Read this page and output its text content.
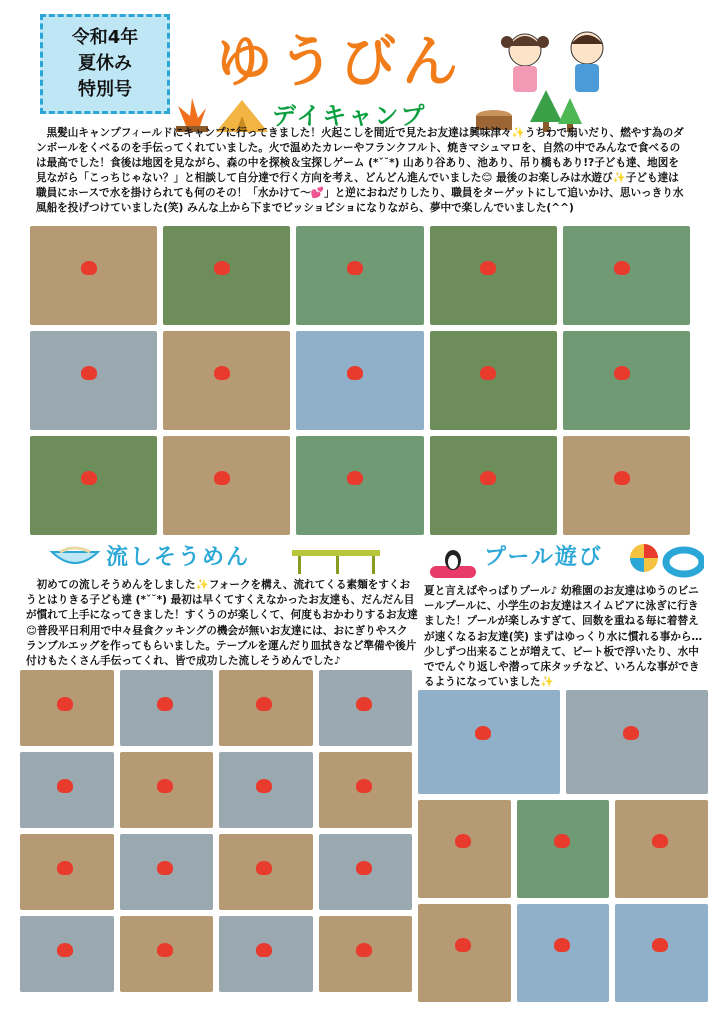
令和4年
夏休み
特別号 ゆうびん
デイキャンプ
　黒髪山キャンプフィールドにキャンプに行ってきました！火起こしを間近で見たお友達は興味津々✨うちわで扇いだり、燃やす為のダンボールをくべるのを手伝ってくれていました。火で温めたカレーやフランクフルト、焼きマシュマロを、自然の中でみんなで食べるのは最高でした！食後は地図を見ながら、森の中を探検＆宝探しゲーム (*ˇ˘*) 山あり谷あり、池あり、吊り橋もあり!?子ども達、地図を見ながら「こっちじゃない？」と相談して自分達で行く方向を考え、どんどん進んでいました😊 最後のお楽しみは水遊び✨子ども達は職員にホースで水を掛けられても何のその！「水かけて～💕」と逆におねだりしたり、職員をターゲットにして追いかけ、思いっきり水風船を投げつけていました(笑) みんな上から下までビッショビショになりながら、夢中で楽しんでいました(^^)
流しそうめん
　初めての流しそうめんをしました✨フォークを構え、流れてくる素麺をすくおうとはりきる子ども達 (*ˇ˘*) 最初は早くてすくえなかったお友達も、だんだん目が慣れて上手になってきました！すくうのが楽しくて、何度もおかわりするお友達😊普段平日利用で中々昼食クッキングの機会が無いお友達には、おにぎりやスクランブルエッグを作ってもらいました。テーブルを運んだり皿拭きなど準備や後片付けもたくさん手伝ってくれ、皆で成功した流しそうめんでした♪
プール遊び
夏と言えばやっぱりプール♪ 幼稚園のお友達はゆうのビニールプールに、小学生のお友達はスイムピアに泳ぎに行きました！プールが楽しみすぎて、回数を重ねる毎に着替えが速くなるお友達(笑) まずはゆっくり水に慣れる事から…少しずつ出来ることが増えて、ビート板で浮いたり、水中ででんぐり返しや潜って床タッチなど、いろんな事ができるようになっていました✨
